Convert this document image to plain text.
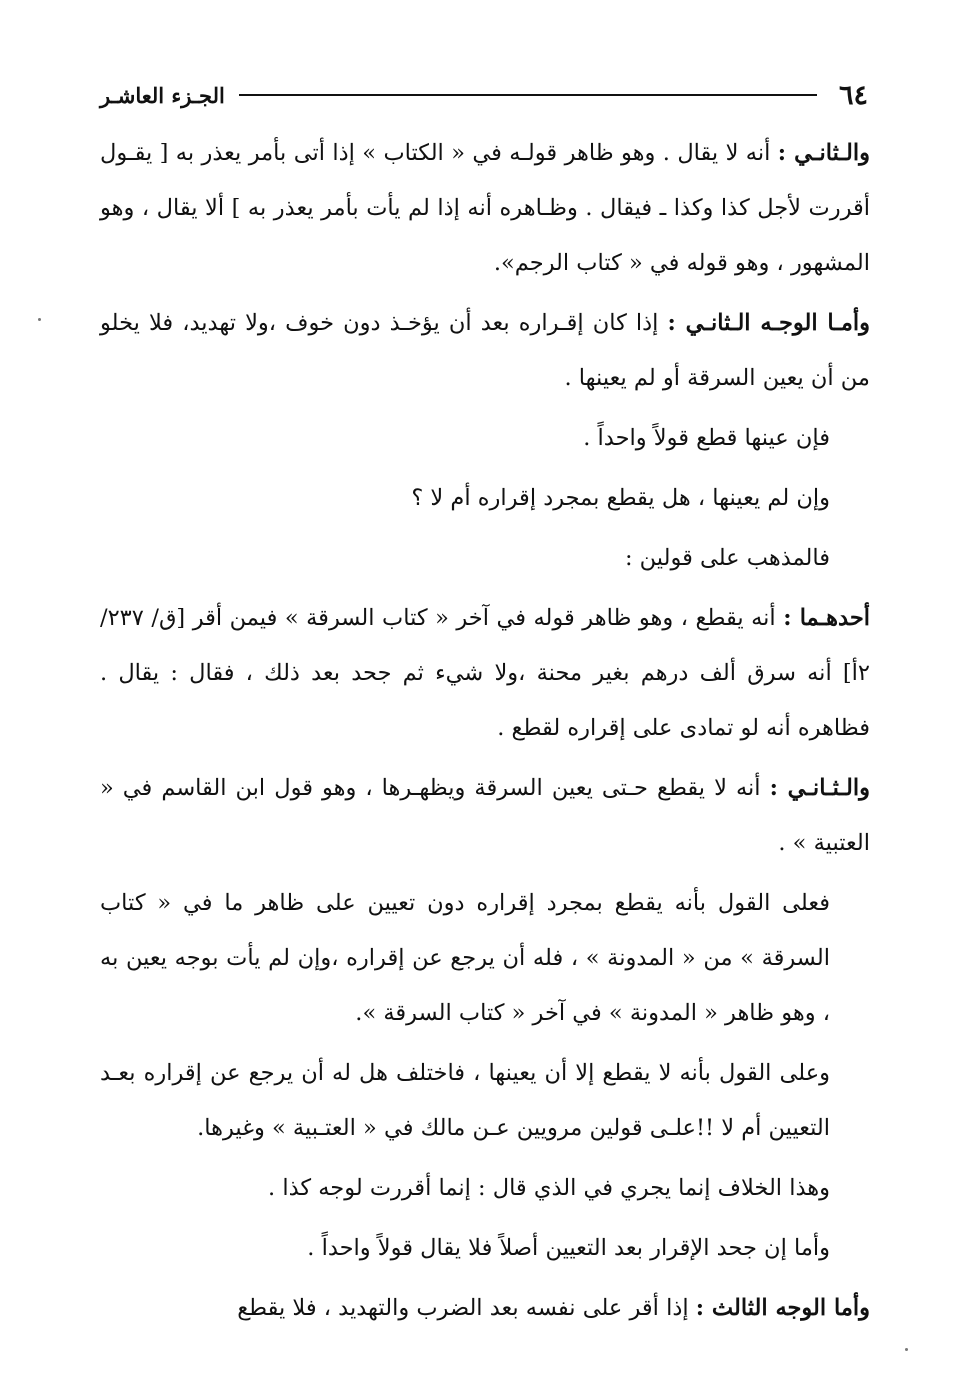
٦٤
الجـزء العاشـر

والـثانـي : أنه لا يقال . وهو ظاهر قولـه في « الكتاب » إذا أتى بأمر يعذر به [ يقـول أقررت لأجل كذا وكذا ـ فيقال . وظـاهره أنه إذا لم يأت بأمر يعذر به ] ألا يقال ، وهو المشهور ، وهو قوله في « كتاب الرجم».

وأمـا الوجـه الـثانـي : إذا كان إقـراره بعد أن يؤخـذ دون خوف ،ولا تهديد، فلا يخلو من أن يعين السرقة أو لم يعينها .

فإن عينها قطع قولاً واحداً .

وإن لم يعينها ، هل يقطع بمجرد إقراره أم لا ؟

فالمذهب على قولين :

أحدهـما : أنه يقطع ، وهو ظاهر قوله في آخر « كتاب السرقة » فيمن أقر [ق/ ٢٣٧/ ٢أ] أنه سرق ألف درهم بغير محنة ،ولا شيء ثم جحد بعد ذلك ، فقال : يقال . فظاهره أنه لو تمادى على إقراره لقطع .

والـثـانـي : أنه لا يقطع حـتى يعين السرقة ويظهـرها ، وهو قول ابن القاسم في « العتبية » .

فعلى القول بأنه يقطع بمجرد إقراره دون تعيين على ظاهر ما في « كتاب السرقة » من « المدونة » ، فله أن يرجع عن إقراره ،وإن لم يأت بوجه يعين به ، وهو ظاهر « المدونة » في آخر « كتاب السرقة ».

وعلى القول بأنه لا يقطع إلا أن يعينها ، فاختلف هل له أن يرجع عن إقراره بعـد التعيين أم لا !!علـى قولين مرويين عـن مالك في « العتـبية » وغيرها.

وهذا الخلاف إنما يجري في الذي قال : إنما أقررت لوجه كذا .

وأما إن جحد الإقرار بعد التعيين أصلاً فلا يقال قولاً واحداً .

وأما الوجه الثالث : إذا أقر على نفسه بعد الضرب والتهديد ، فلا يقطع
